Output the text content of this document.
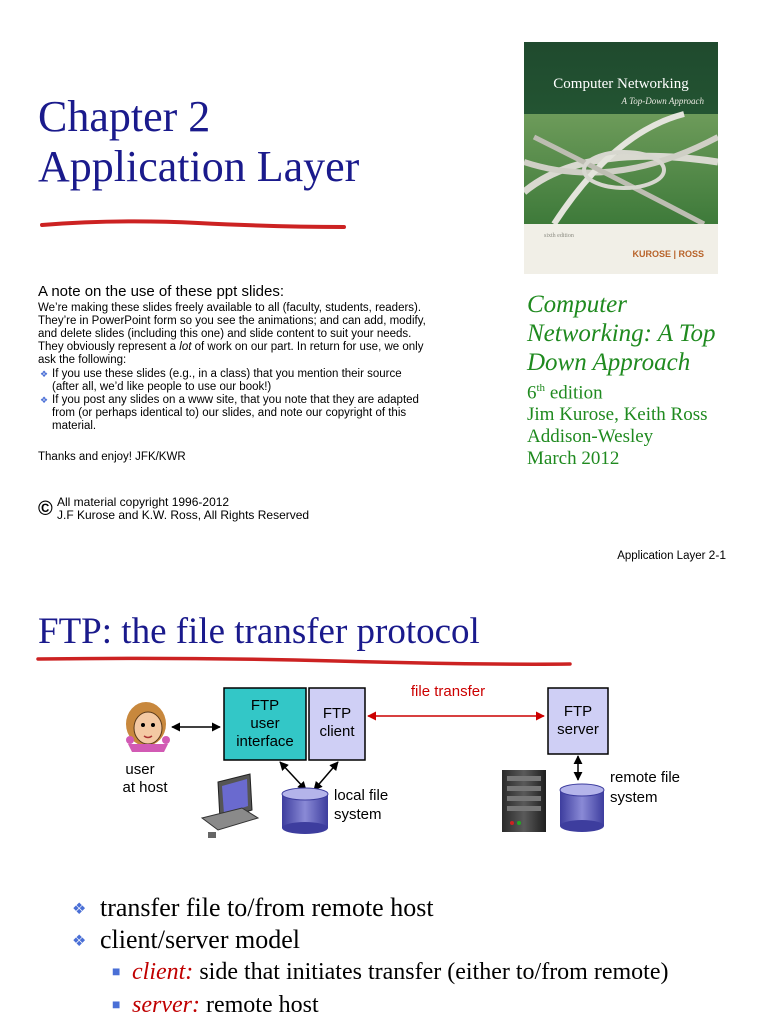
Chapter 2
Application Layer
Computer Networking
A Top-Down Approach
sixth edition
KUROSE | ROSS
A note on the use of these ppt slides:
We’re making these slides freely available to all (faculty, students, readers).
They’re in PowerPoint form so you see the animations; and can add, modify,
and delete slides (including this one) and slide content to suit your needs.
They obviously represent a lot of work on our part. In return for use, we only
ask the following:
❖ If you use these slides (e.g., in a class) that you mention their source
(after all, we’d like people to use our book!)
❖ If you post any slides on a www site, that you note that they are adapted
from (or perhaps identical to) our slides, and note our copyright of this
material.
Thanks and enjoy! JFK/KWR
© All material copyright 1996-2012
J.F Kurose and K.W. Ross, All Rights Reserved
Computer
Networking: A Top
Down Approach
6th edition
Jim Kurose, Keith Ross
Addison-Wesley
March 2012
Application Layer 2-1
FTP: the file transfer protocol
FTP
user
interface
FTP
client
file transfer
FTP
server
user
at host	local file
system
remote file
system
❖ transfer file to/from remote host
❖ client/server model
■ client: side that initiates transfer (either to/from remote)
■ server: remote host
